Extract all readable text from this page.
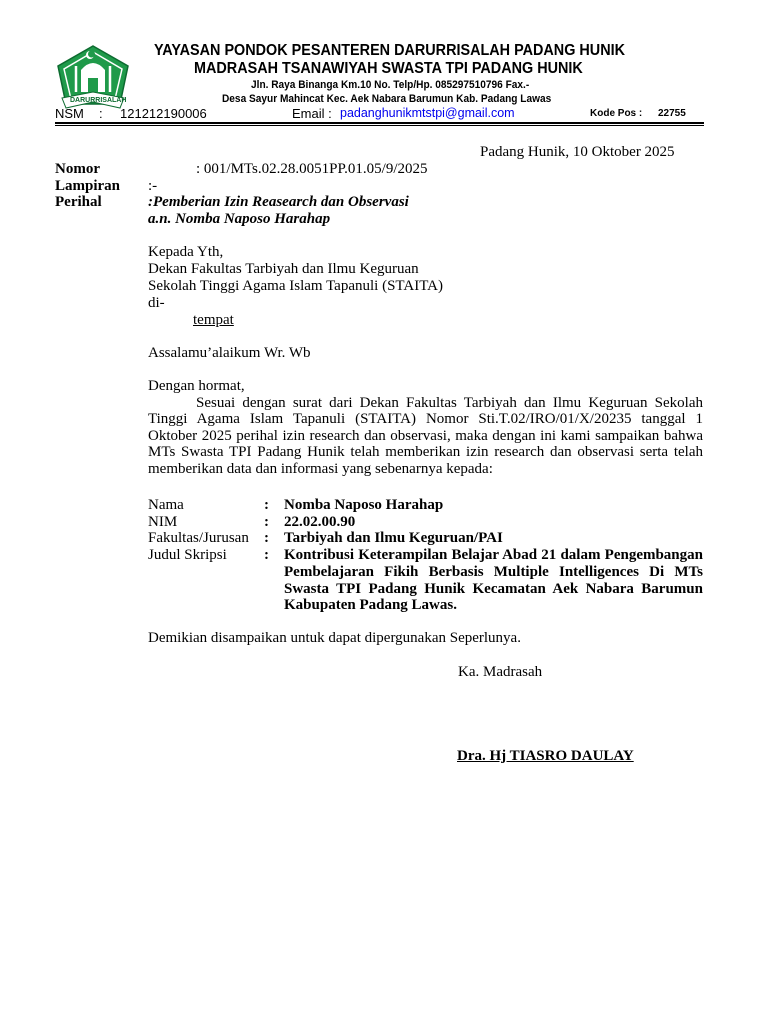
DARURRISALAH
YAYASAN PONDOK PESANTEREN DARURRISALAH PADANG HUNIK
MADRASAH TSANAWIYAH SWASTA TPI PADANG HUNIK
Jln. Raya Binanga Km.10 No. Telp/Hp. 085297510796 Fax.-
Desa Sayur Mahincat Kec. Aek Nabara Barumun Kab. Padang Lawas
NSM : 121212190006	Email : padanghunikmtstpi@gmail.com	Kode Pos : 22755
Padang Hunik, 10 Oktober 2025
Nomor	: 001/MTs.02.28.0051PP.01.05/9/2025
Lampiran :-
Perihal	:Pemberian Izin Reasearch dan Observasi
a.n. Nomba Naposo Harahap
Kepada Yth,
Dekan Fakultas Tarbiyah dan Ilmu Keguruan
Sekolah Tinggi Agama Islam Tapanuli (STAITA)
di-
tempat
Assalamu’alaikum Wr. Wb
Dengan hormat,
Sesuai dengan surat dari Dekan Fakultas Tarbiyah dan Ilmu Keguruan Sekolah Tinggi Agama Islam Tapanuli (STAITA) Nomor Sti.T.02/IRO/01/X/20235 tanggal 1 Oktober 2025 perihal izin research dan observasi, maka dengan ini kami sampaikan bahwa MTs Swasta TPI Padang Hunik telah memberikan izin research dan observasi serta telah memberikan data dan informasi yang sebenarnya kepada:
Nama	: Nomba Naposo Harahap
NIM	: 22.02.00.90
Fakultas/Jurusan : Tarbiyah dan Ilmu Keguruan/PAI
Judul Skripsi : Kontribusi Keterampilan Belajar Abad 21 dalam Pengembangan Pembelajaran Fikih Berbasis Multiple Intelligences Di MTs Swasta TPI Padang Hunik Kecamatan Aek Nabara Barumun Kabupaten Padang Lawas.
Demikian disampaikan untuk dapat dipergunakan Seperlunya.
Ka. Madrasah
Dra. Hj TIASRO DAULAY
